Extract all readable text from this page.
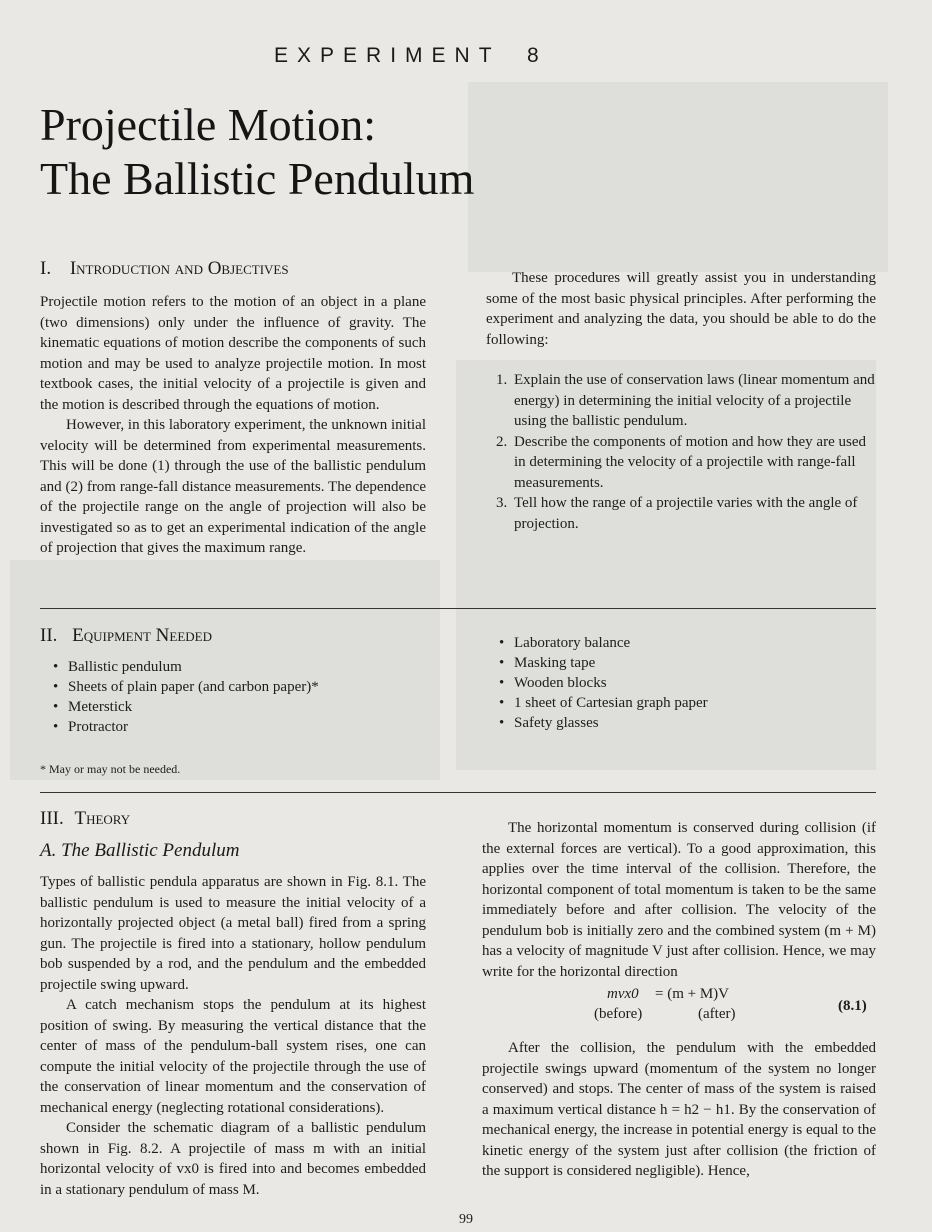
EXPERIMENT 8
Projectile Motion:
The Ballistic Pendulum
I. Introduction and Objectives

Projectile motion refers to the motion of an object in a plane (two dimensions) only under the influence of gravity. The kinematic equations of motion describe the components of such motion and may be used to analyze projectile motion. In most textbook cases, the initial velocity of a projectile is given and the motion is described through the equations of motion.

However, in this laboratory experiment, the unknown initial velocity will be determined from experimental measurements. This will be done (1) through the use of the ballistic pendulum and (2) from range-fall distance measurements. The dependence of the projectile range on the angle of projection will also be investigated so as to get an experimental indication of the angle of projection that gives the maximum range.

These procedures will greatly assist you in understanding some of the most basic physical principles. After performing the experiment and analyzing the data, you should be able to do the following:

1. Explain the use of conservation laws (linear momentum and energy) in determining the initial velocity of a projectile using the ballistic pendulum.
2. Describe the components of motion and how they are used in determining the velocity of a projectile with range-fall measurements.
3. Tell how the range of a projectile varies with the angle of projection.
II. Equipment Needed
• Ballistic pendulum
• Sheets of plain paper (and carbon paper)*
• Meterstick
• Protractor
• Laboratory balance
• Masking tape
• Wooden blocks
• 1 sheet of Cartesian graph paper
• Safety glasses
* May or may not be needed.
III. Theory
A. The Ballistic Pendulum

Types of ballistic pendula apparatus are shown in Fig. 8.1. The ballistic pendulum is used to measure the initial velocity of a horizontally projected object (a metal ball) fired from a spring gun. The projectile is fired into a stationary, hollow pendulum bob suspended by a rod, and the pendulum and the embedded projectile swing upward.

A catch mechanism stops the pendulum at its highest position of swing. By measuring the vertical distance that the center of mass of the pendulum-ball system rises, one can compute the initial velocity of the projectile through the use of the conservation of linear momentum and the conservation of mechanical energy (neglecting rotational considerations).

Consider the schematic diagram of a ballistic pendulum shown in Fig. 8.2. A projectile of mass m with an initial horizontal velocity of vx0 is fired into and becomes embedded in a stationary pendulum of mass M.

The horizontal momentum is conserved during collision (if the external forces are vertical). To a good approximation, this applies over the time interval of the collision. Therefore, the horizontal component of total momentum is taken to be the same immediately before and after collision. The velocity of the pendulum bob is initially zero and the combined system (m + M) has a velocity of magnitude V just after collision. Hence, we may write for the horizontal direction

mvx0 = (m + M)V
(before)	(after)	(8.1)

After the collision, the pendulum with the embedded projectile swings upward (momentum of the system no longer conserved) and stops. The center of mass of the system is raised a maximum vertical distance h = h2 − h1. By the conservation of mechanical energy, the increase in potential energy is equal to the kinetic energy of the system just after collision (the friction of the support is considered negligible). Hence,

99
